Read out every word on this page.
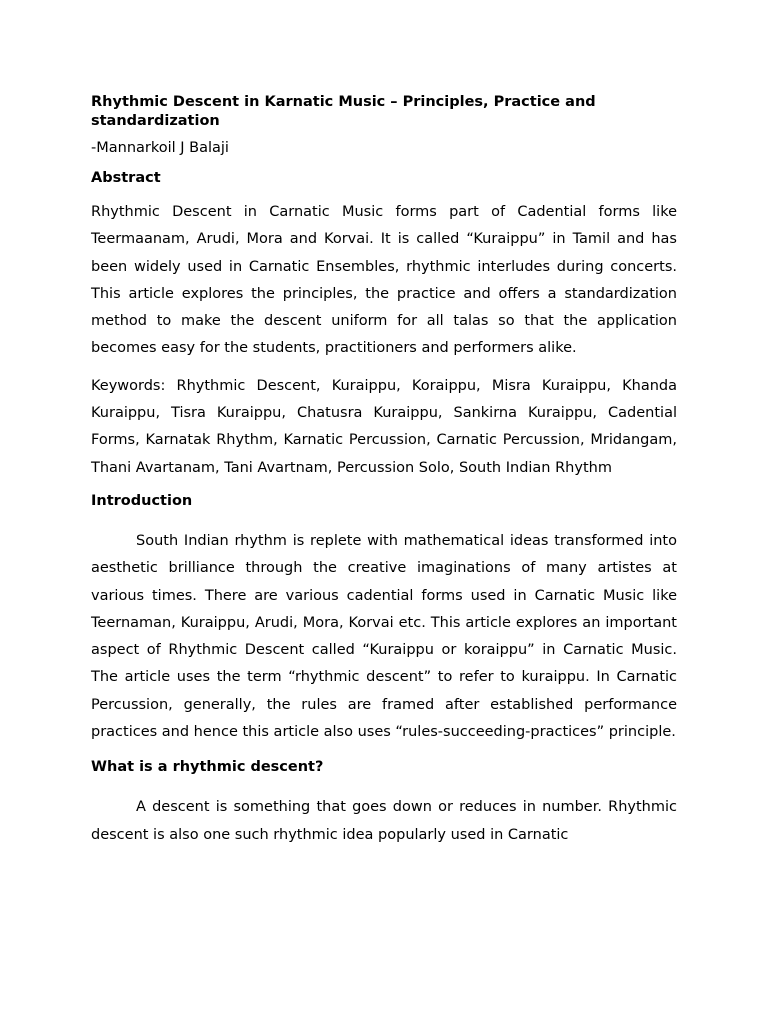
Rhythmic Descent in Karnatic Music – Principles, Practice and standardization

-Mannarkoil J Balaji

Abstract

Rhythmic Descent in Carnatic Music forms part of Cadential forms like Teermaanam, Arudi, Mora and Korvai. It is called “Kuraippu” in Tamil and has been widely used in Carnatic Ensembles, rhythmic interludes during concerts. This article explores the principles, the practice and offers a standardization method to make the descent uniform for all talas so that the application becomes easy for the students, practitioners and performers alike.

Keywords: Rhythmic Descent, Kuraippu, Koraippu, Misra Kuraippu, Khanda Kuraippu, Tisra Kuraippu, Chatusra Kuraippu, Sankirna Kuraippu, Cadential Forms, Karnatak Rhythm, Karnatic Percussion, Carnatic Percussion, Mridangam, Thani Avartanam, Tani Avartnam, Percussion Solo, South Indian Rhythm

Introduction

South Indian rhythm is replete with mathematical ideas transformed into aesthetic brilliance through the creative imaginations of many artistes at various times. There are various cadential forms used in Carnatic Music like Teernaman, Kuraippu, Arudi, Mora, Korvai etc. This article explores an important aspect of Rhythmic Descent called “Kuraippu or koraippu” in Carnatic Music. The article uses the term “rhythmic descent” to refer to kuraippu. In Carnatic Percussion, generally, the rules are framed after established performance practices and hence this article also uses “rules-succeeding-practices” principle.

What is a rhythmic descent?

A descent is something that goes down or reduces in number. Rhythmic descent is also one such rhythmic idea popularly used in Carnatic
